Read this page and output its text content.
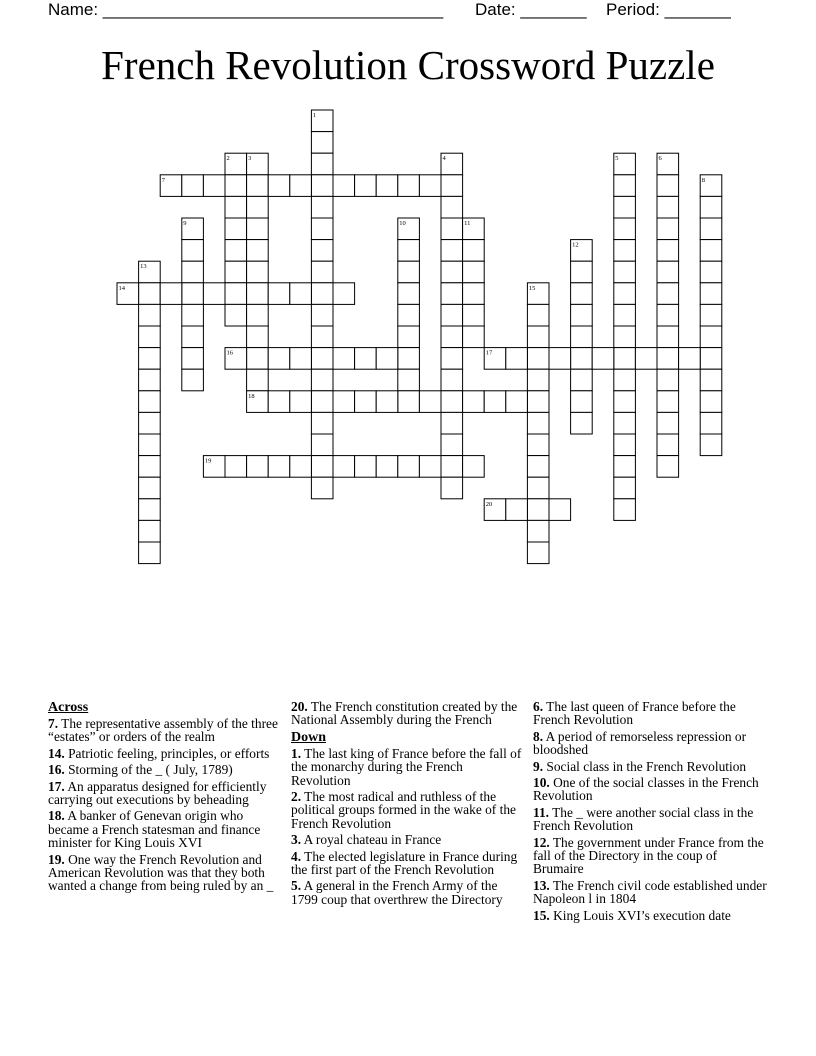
Name: ____________________________________ Date: _______ Period: _______
French Revolution Crossword Puzzle
1
2	3	4	5	6
7	8
9	10	11
12
13
14	15
16	17
18
19
20
Across
7. The representative assembly of the three “estates” or orders of the realm
14. Patriotic feeling, principles, or efforts
16. Storming of the _ ( July, 1789)
17. An apparatus designed for efficiently carrying out executions by beheading
18. A banker of Genevan origin who became a French statesman and finance minister for King Louis XVI
19. One way the French Revolution and American Revolution was that they both wanted a change from being ruled by an _
20. The French constitution created by the National Assembly during the French
Down
1. The last king of France before the fall of the monarchy during the French Revolution
2. The most radical and ruthless of the political groups formed in the wake of the French Revolution
3. A royal chateau in France
4. The elected legislature in France during the first part of the French Revolution
5. A general in the French Army of the 1799 coup that overthrew the Directory
6. The last queen of France before the French Revolution
8. A period of remorseless repression or bloodshed
9. Social class in the French Revolution
10. One of the social classes in the French Revolution
11. The _ were another social class in the French Revolution
12. The government under France from the fall of the Directory in the coup of Brumaire
13. The French civil code established under Napoleon l in 1804
15. King Louis XVI’s execution date
